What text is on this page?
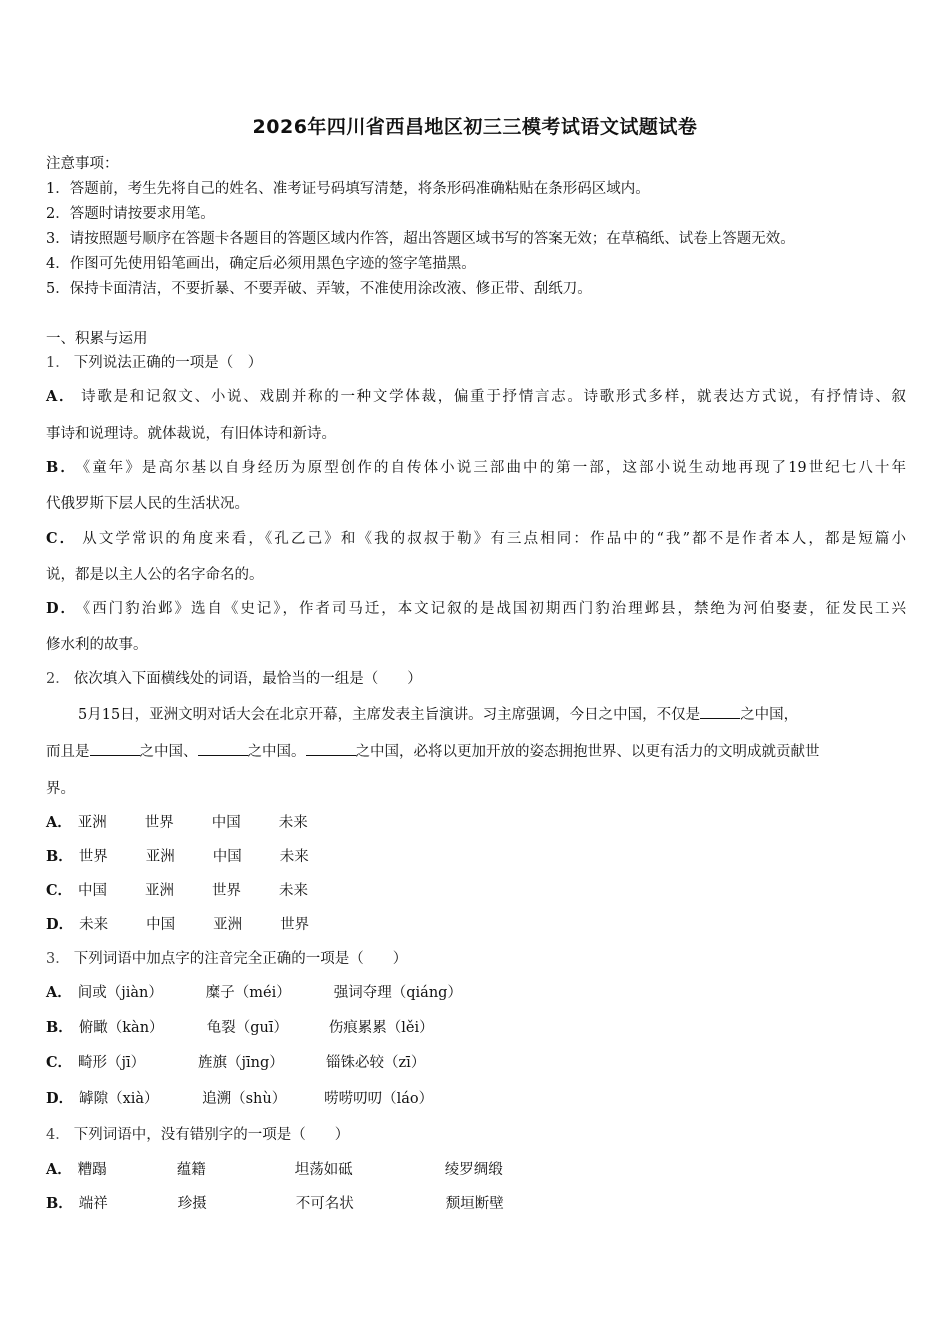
2026年四川省西昌地区初三三模考试语文试题试卷
注意事项：
1．答题前，考生先将自己的姓名、准考证号码填写清楚，将条形码准确粘贴在条形码区域内。
2．答题时请按要求用笔。
3．请按照题号顺序在答题卡各题目的答题区域内作答，超出答题区域书写的答案无效；在草稿纸、试卷上答题无效。
4．作图可先使用铅笔画出，确定后必须用黑色字迹的签字笔描黑。
5．保持卡面清洁，不要折暴、不要弄破、弄皱，不准使用涂改液、修正带、刮纸刀。
一、积累与运用
1． 下列说法正确的一项是（　）
A． 诗歌是和记叙文、小说、戏剧并称的一种文学体裁，偏重于抒情言志。诗歌形式多样，就表达方式说，有抒情诗、叙
事诗和说理诗。就体裁说，有旧体诗和新诗。
B． 《童年》是高尔基以自身经历为原型创作的自传体小说三部曲中的第一部，这部小说生动地再现了19世纪七八十年
代俄罗斯下层人民的生活状况。
C． 从文学常识的角度来看，《孔乙己》和《我的叔叔于勒》有三点相同：作品中的“我”都不是作者本人，都是短篇小
说，都是以主人公的名字命名的。
D． 《西门豹治邺》选自《史记》，作者司马迁，本文记叙的是战国初期西门豹治理邺县，禁绝为河伯娶妻，征发民工兴
修水利的故事。
2． 依次填入下面横线处的词语，最恰当的一组是（　　）
5月15日，亚洲文明对话大会在北京开幕，主席发表主旨演讲。习主席强调，今日之中国，不仅是	之中国，
而且是	之中国、	之中国。	之中国，必将以更加开放的姿态拥抱世界、以更有活力的文明成就贡献世
界。
A． 亚洲	世界	中国	未来
B． 世界	亚洲	中国	未来
C． 中国	亚洲	世界	未来
D． 未来	中国	亚洲	世界
3． 下列词语中加点字的注音完全正确的一项是（　　）
A． 间或（jiàn）	糜子（méi）	强词夺理（qiáng）
B． 俯瞰（kàn）	龟裂（guī）	伤痕累累（lěi）
C． 畸形（jī）	旌旗（jīng）	锱铢必较（zī）
D． 罅隙（xià）	追溯（shù）	唠唠叨叨（láo）
4． 下列词语中，没有错别字的一项是（　　）
A． 糟蹋	蕴籍	坦荡如砥	绫罗绸缎
B． 端祥	珍摄	不可名状	颓垣断壁
